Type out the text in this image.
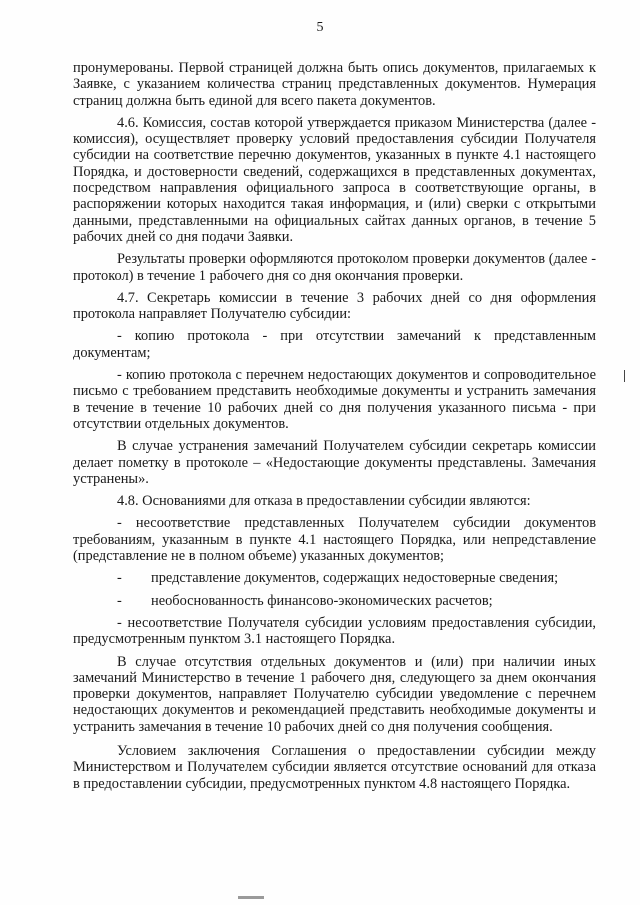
5

пронумерованы. Первой страницей должна быть опись документов, прилагаемых к Заявке, с указанием количества страниц представленных документов. Нумерация страниц должна быть единой для всего пакета документов.

4.6. Комиссия, состав которой утверждается приказом Министерства (далее - комиссия), осуществляет проверку условий предоставления субсидии Получателя субсидии на соответствие перечню документов, указанных в пункте 4.1 настоящего Порядка, и достоверности сведений, содержащихся в представленных документах, посредством направления официального запроса в соответствующие органы, в распоряжении которых находится такая информация, и (или) сверки с открытыми данными, представленными на официальных сайтах данных органов, в течение 5 рабочих дней со дня подачи Заявки.

Результаты проверки оформляются протоколом проверки документов (далее - протокол) в течение 1 рабочего дня со дня окончания проверки.

4.7. Секретарь комиссии в течение 3 рабочих дней со дня оформления протокола направляет Получателю субсидии:

- копию протокола - при отсутствии замечаний к представленным документам;

- копию протокола с перечнем недостающих документов и сопроводительное письмо с требованием представить необходимые документы и устранить замечания в течение в течение 10 рабочих дней со дня получения указанного письма - при отсутствии отдельных документов.

В случае устранения замечаний Получателем субсидии секретарь комиссии делает пометку в протоколе – «Недостающие документы представлены. Замечания устранены».

4.8. Основаниями для отказа в предоставлении субсидии являются:

- несоответствие представленных Получателем субсидии документов требованиям, указанным в пункте 4.1 настоящего Порядка, или непредставление (представление не в полном объеме) указанных документов;

-	представление документов, содержащих недостоверные сведения;
-	необоснованность финансово-экономических расчетов;

- несоответствие Получателя субсидии условиям предоставления субсидии, предусмотренным пунктом 3.1 настоящего Порядка.

В случае отсутствия отдельных документов и (или) при наличии иных замечаний Министерство в течение 1 рабочего дня, следующего за днем окончания проверки документов, направляет Получателю субсидии уведомление с перечнем недостающих документов и рекомендацией представить необходимые документы и устранить замечания в течение 10 рабочих дней со дня получения сообщения.

Условием заключения Соглашения о предоставлении субсидии между Министерством и Получателем субсидии является отсутствие оснований для отказа в предоставлении субсидии, предусмотренных пунктом 4.8 настоящего Порядка.
